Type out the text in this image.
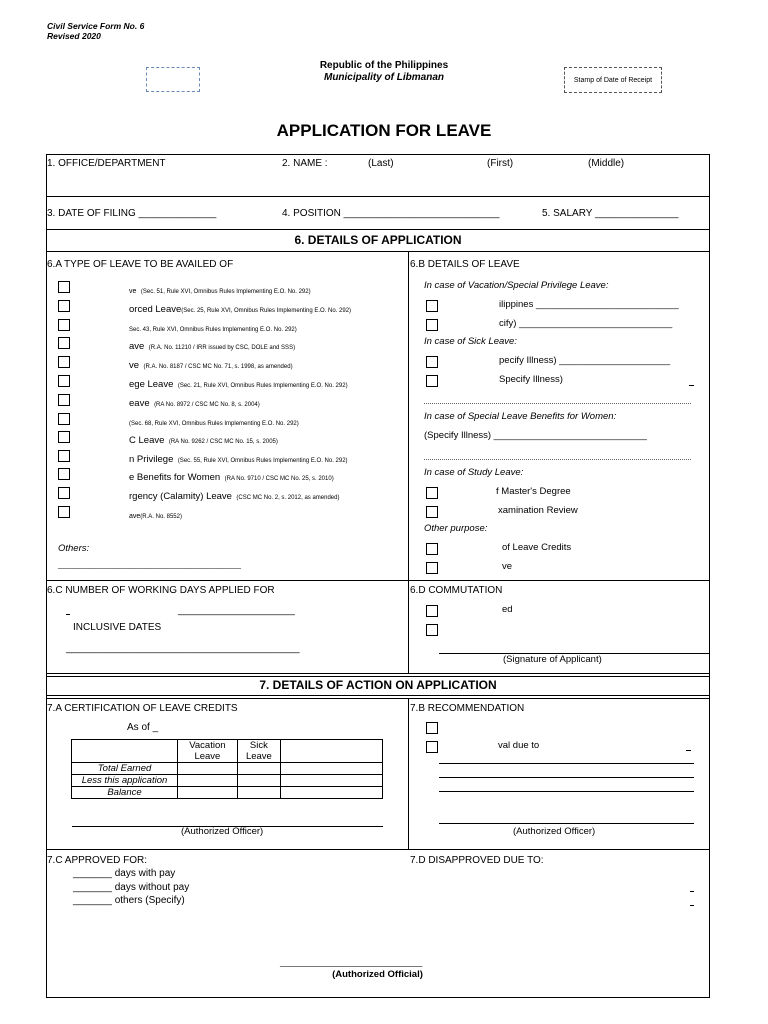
Civil Service Form No. 6
Revised 2020
Republic of the Philippines
Municipality of Libmanan	Stamp of Date of Receipt
APPLICATION FOR LEAVE
1. OFFICE/DEPARTMENT	2. NAME :	(Last)	(First)	(Middle)
3. DATE OF FILING ______________	4. POSITION ____________________________	5. SALARY _______________
6. DETAILS OF APPLICATION
6.A TYPE OF LEAVE TO BE AVAILED OF	6.B DETAILS OF LEAVE
ve (Sec. 51, Rule XVI, Omnibus Rules Implementing E.O. No. 292)
orced Leave(Sec. 25, Rule XVI, Omnibus Rules Implementing E.O. No. 292)
Sec. 43, Rule XVI, Omnibus Rules Implementing E.O. No. 292)
ave (R.A. No. 11210 / IRR issued by CSC, DOLE and SSS)
ve (R.A. No. 8187 / CSC MC No. 71, s. 1998, as amended)
ege Leave (Sec. 21, Rule XVI, Omnibus Rules Implementing E.O. No. 292)
eave (RA No. 8972 / CSC MC No. 8, s. 2004)
(Sec. 68, Rule XVI, Omnibus Rules Implementing E.O. No. 292)
C Leave (RA No. 9262 / CSC MC No. 15, s. 2005)
n Privilege (Sec. 55, Rule XVI, Omnibus Rules Implementing E.O. No. 292)
e Benefits for Women (RA No. 9710 / CSC MC No. 25, s. 2010)
rgency (Calamity) Leave (CSC MC No. 2, s. 2012, as amended)
ave(R.A. No. 8552)
Others:
_______________________________________________
In case of Vacation/Special Privilege Leave:
ilippines ___________________________
cify) _____________________________
In case of Sick Leave:
pecify Illness) _____________________
Specify Illness)
In case of Special Leave Benefits for Women:
(Specify Illness) _____________________________
In case of Study Leave:
f Master's Degree
xamination Review
Other purpose:
of Leave Credits
ve
6.C NUMBER OF WORKING DAYS APPLIED FOR
_____________________
INCLUSIVE DATES
__________________________________________
6.D COMMUTATION
ed
(Signature of Applicant)
7. DETAILS OF ACTION ON APPLICATION
7.A CERTIFICATION OF LEAVE CREDITS
As of _
	Vacation Leave	Sick Leave	
Total Earned			
Less this application			
Balance			
(Authorized Officer)
7.B RECOMMENDATION
val due to
(Authorized Officer)
7.C APPROVED FOR:
_______ days with pay
_______ days without pay
_______ others (Specify)
7.D DISAPPROVED DUE TO:
________________________________
(Authorized Official)
